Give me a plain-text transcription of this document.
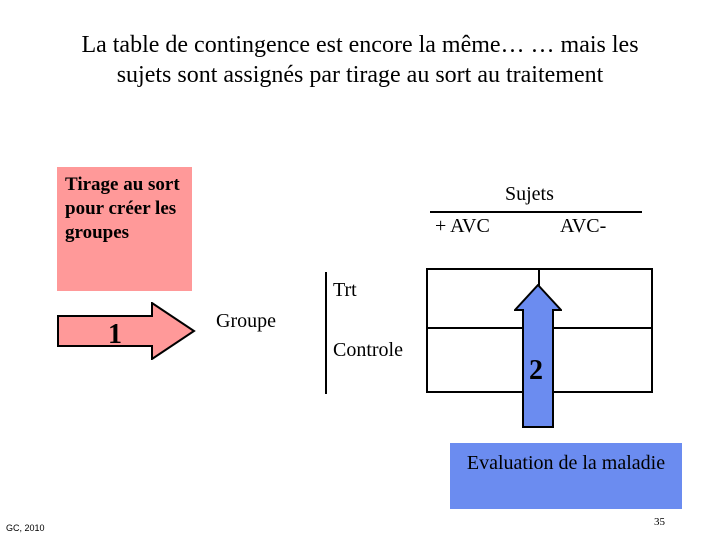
La table de contingence est encore la même… … mais les sujets sont assignés par tirage au sort au traitement
Tirage au sort pour créer les groupes
1	Groupe
Sujets
+ AVC	AVC-
Trt
Controle
2
Evaluation de la maladie
GC, 2010	35
